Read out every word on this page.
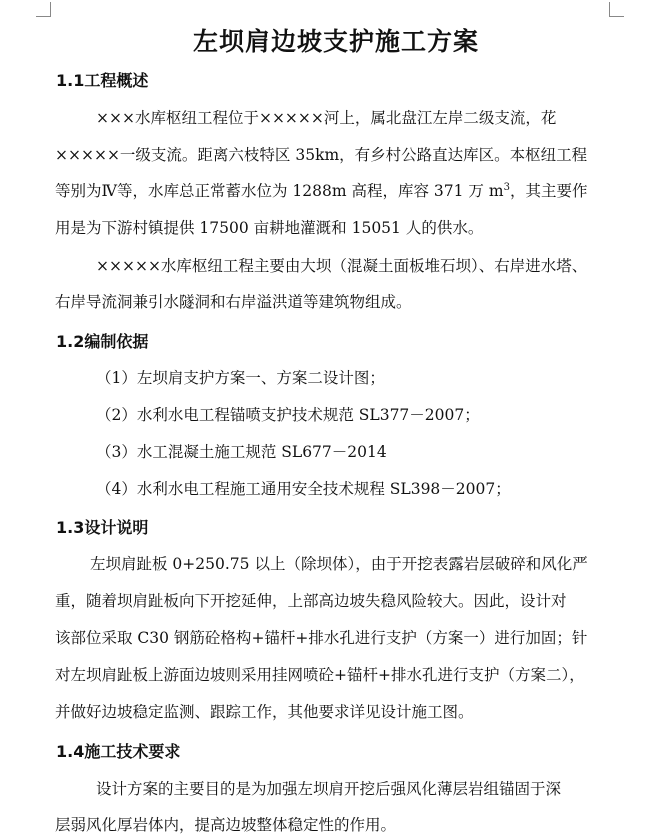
左坝肩边坡支护施工方案
1.1工程概述
×××水库枢纽工程位于×××××河上，属北盘江左岸二级支流，花
×××××一级支流。距离六枝特区 35km，有乡村公路直达库区。本枢纽工程
等别为Ⅳ等，水库总正常蓄水位为 1288m 高程，库容 371 万 $m^3$，其主要作
用是为下游村镇提供 17500 亩耕地灌溉和 15051 人的供水。
×××××水库枢纽工程主要由大坝（混凝土面板堆石坝）、右岸进水塔、
右岸导流洞兼引水隧洞和右岸溢洪道等建筑物组成。
1.2编制依据
（1）左坝肩支护方案一、方案二设计图；
（2）水利水电工程锚喷支护技术规范 SL377－2007；
（3）水工混凝土施工规范 SL677－2014
（4）水利水电工程施工通用安全技术规程 SL398－2007；
1.3设计说明
左坝肩趾板 0+250.75 以上（除坝体），由于开挖表露岩层破碎和风化严
重，随着坝肩趾板向下开挖延伸，上部高边坡失稳风险较大。因此，设计对
该部位采取 C30 钢筋砼格构+锚杆+排水孔进行支护（方案一）进行加固；针
对左坝肩趾板上游面边坡则采用挂网喷砼+锚杆+排水孔进行支护（方案二），
并做好边坡稳定监测、跟踪工作，其他要求详见设计施工图。
1.4施工技术要求
设计方案的主要目的是为加强左坝肩开挖后强风化薄层岩组锚固于深
层弱风化厚岩体内，提高边坡整体稳定性的作用。
